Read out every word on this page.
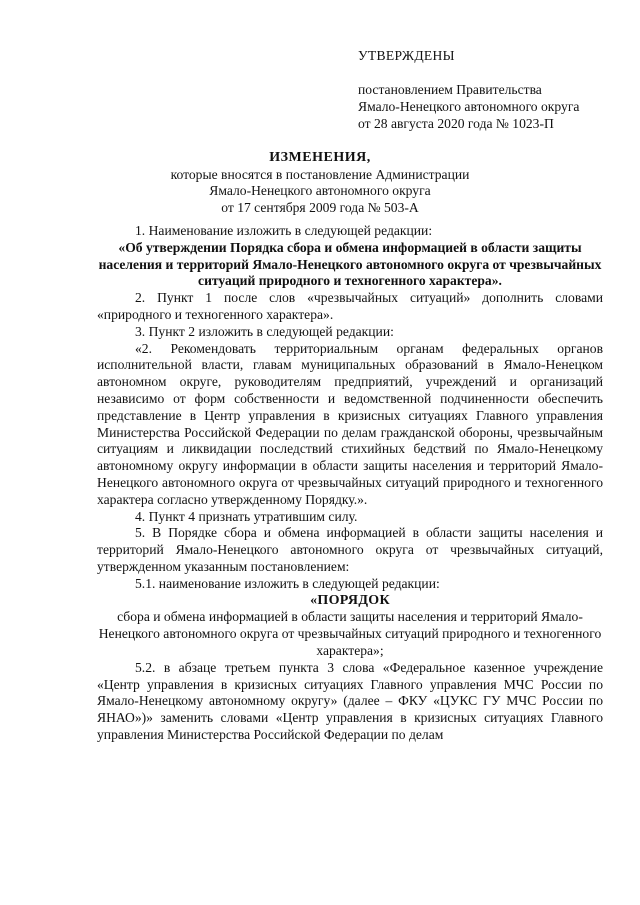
УТВЕРЖДЕНЫ
постановлением Правительства
Ямало-Ненецкого автономного округа
от 28 августа 2020 года № 1023-П
ИЗМЕНЕНИЯ,
которые вносятся в постановление Администрации
Ямало-Ненецкого автономного округа
от 17 сентября 2009 года № 503-А

1. Наименование изложить в следующей редакции:

«Об утверждении Порядка сбора и обмена информацией в области защиты населения и территорий Ямало-Ненецкого автономного округа от чрезвычайных ситуаций природного и техногенного характера».

2. Пункт 1 после слов «чрезвычайных ситуаций» дополнить словами «природного и техногенного характера».

3. Пункт 2 изложить в следующей редакции:

«2. Рекомендовать территориальным органам федеральных органов исполнительной власти, главам муниципальных образований в Ямало-Ненецком автономном округе, руководителям предприятий, учреждений и организаций независимо от форм собственности и ведомственной подчиненности обеспечить представление в Центр управления в кризисных ситуациях Главного управления Министерства Российской Федерации по делам гражданской обороны, чрезвычайным ситуациям и ликвидации последствий стихийных бедствий по Ямало-Ненецкому автономному округу информации в области защиты населения и территорий Ямало-Ненецкого автономного округа от чрезвычайных ситуаций природного и техногенного характера согласно утвержденному Порядку.».

4. Пункт 4 признать утратившим силу.

5. В Порядке сбора и обмена информацией в области защиты населения и территорий Ямало-Ненецкого автономного округа от чрезвычайных ситуаций, утвержденном указанным постановлением:

5.1. наименование изложить в следующей редакции:

«ПОРЯДОК

сбора и обмена информацией в области защиты населения и территорий Ямало-Ненецкого автономного округа от чрезвычайных ситуаций природного и техногенного характера»;

5.2. в абзаце третьем пункта 3 слова «Федеральное казенное учреждение «Центр управления в кризисных ситуациях Главного управления МЧС России по Ямало-Ненецкому автономному округу» (далее – ФКУ «ЦУКС ГУ МЧС России по ЯНАО»)» заменить словами «Центр управления в кризисных ситуациях Главного управления Министерства Российской Федерации по делам
